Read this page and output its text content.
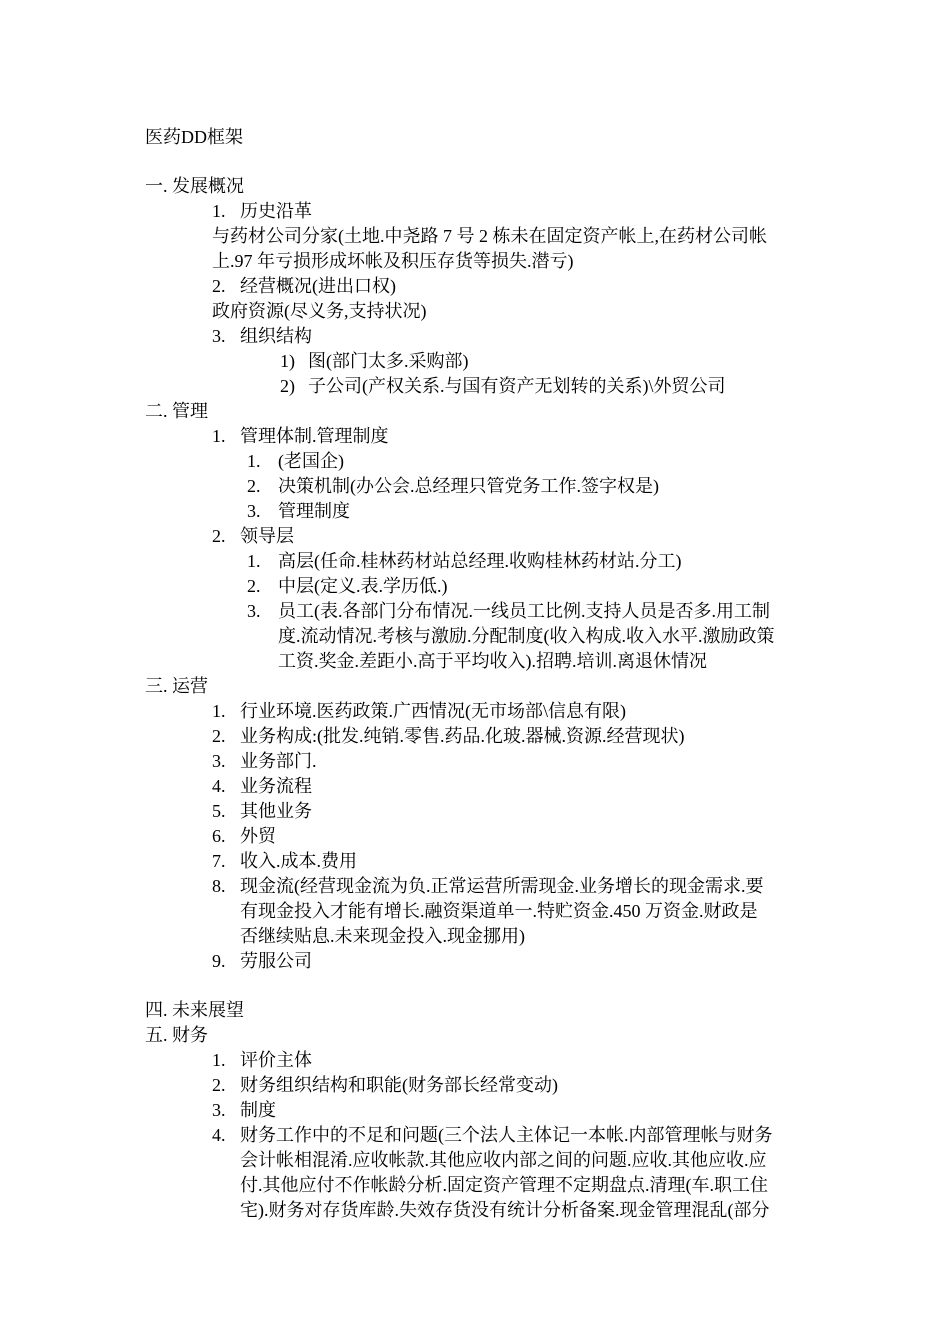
医药DD框架
一. 发展概况
1. 历史沿革
与药材公司分家(土地.中尧路 7 号 2 栋未在固定资产帐上,在药材公司帐
上.97 年亏损形成坏帐及积压存货等损失.潜亏)
2. 经营概况(进出口权)
政府资源(尽义务,支持状况)
3. 组织结构
1) 图(部门太多.采购部)
2) 子公司(产权关系.与国有资产无划转的关系)\外贸公司
二. 管理
1. 管理体制.管理制度
1. (老国企)
2. 决策机制(办公会.总经理只管党务工作.签字权是)
3. 管理制度
2. 领导层
1. 高层(任命.桂林药材站总经理.收购桂林药材站.分工)
2. 中层(定义.表.学历低.)
3. 员工(表.各部门分布情况.一线员工比例.支持人员是否多.用工制
度.流动情况.考核与激励.分配制度(收入构成.收入水平.激励政策
工资.奖金.差距小.高于平均收入).招聘.培训.离退休情况
三. 运营
1. 行业环境.医药政策.广西情况(无市场部\信息有限)
2. 业务构成:(批发.纯销.零售.药品.化玻.器械.资源.经营现状)
3. 业务部门.
4. 业务流程
5. 其他业务
6. 外贸
7. 收入.成本.费用
8. 现金流(经营现金流为负.正常运营所需现金.业务增长的现金需求.要
有现金投入才能有增长.融资渠道单一.特贮资金.450 万资金.财政是
否继续贴息.未来现金投入.现金挪用)
9. 劳服公司
四. 未来展望
五. 财务
1. 评价主体
2. 财务组织结构和职能(财务部长经常变动)
3. 制度
4. 财务工作中的不足和问题(三个法人主体记一本帐.内部管理帐与财务
会计帐相混淆.应收帐款.其他应收内部之间的问题.应收.其他应收.应
付.其他应付不作帐龄分析.固定资产管理不定期盘点.清理(车.职工住
宅).财务对存货库龄.失效存货没有统计分析备案.现金管理混乱(部分
